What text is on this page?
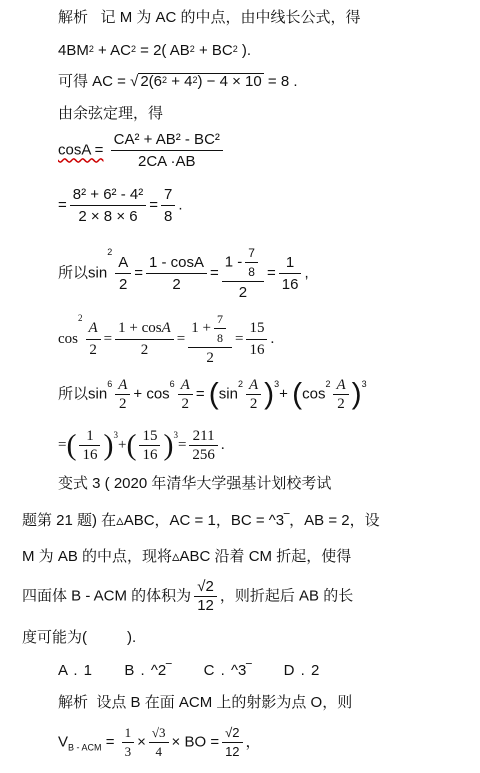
解析 记 M 为 AC 的中点，由中线长公式，得
$4BM^2 + AC^2 = 2$( $AB^2 + BC^2$ ).
可得 AC = √ $2(6^2 + 4^2) - 4 \times 10 = 8$ .
由余弦定理，得
$\cos A = \frac{\text{CA² + AB² - BC²}}{2CA \cdot AB}$
= $\frac{\text{8² + 6² - 4²}}{2 \times 8 \times 6} = \frac{7}{8}$ .
所以$\sin^2 \frac{A}{2} = \frac{1 - \cos A}{2} = \frac{1 - \frac{7}{8}}{2} = \frac{1}{16}$ ,
$\cos^2 \frac{A}{2} = \frac{1 + \cos A}{2} = \frac{1 + \frac{7}{8}}{2} = \frac{15}{16}$ .
所以$\sin^6 \frac{A}{2} + \cos^6 \frac{A}{2} = (\sin^2 \frac{A}{2} )^3+ (\cos^2 \frac{A}{2} )^3$
=( $\frac{1}{16} )^3+( \frac{15}{16} )^3= \frac{211}{256}$ .
变式 3 ( 2020 年清华大学强基计划校考试
题第 21 题) 在▵ABC，AC = 1，BC = ^3‾，AB = 2，设
M 为 AB 的中点，现将▵ABC 沿着 CM 折起，使得
四面体 B - ACM 的体积为 $\frac{√2}{12}$ ，则折起后 AB 的长
度可能为(	).
A . 1 B . ^2‾ C . ^3‾ D . 2
解析 设点 B 在面 ACM 上的射影为点 O，则
$V_{B - ACM} = \frac{1}{3} \times \frac{√3}{4}$ × BO = $\frac{√2}{12}$ ，
